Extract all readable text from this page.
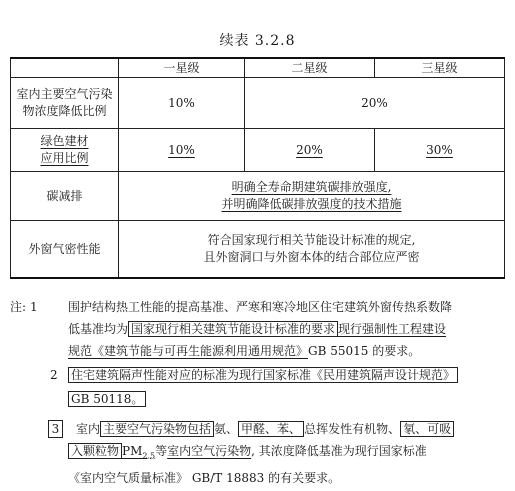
续表 3.2.8
	一星级	二星级	三星级
室内主要空气污染
物浓度降低比例	10%	20%	
绿色建材
应用比例	10%	20%	30%
碳减排	明确全寿命期建筑碳排放强度,
并明确降低碳排放强度的技术措施		
外窗气密性能	符合国家现行相关节能设计标准的规定,
且外窗洞口与外窗本体的结合部位应严密		
注: 1	围护结构热工性能的提高基准、严寒和寒冷地区住宅建筑外窗传热系数降
低基准均为 国家现行相关建筑节能设计标准的要求 现行强制性工程建设
规范《建筑节能与可再生能源利用通用规范》GB 55015 的要求。
2 住宅建筑隔声性能对应的标准为现行国家标准《民用建筑隔声设计规范》
GB 50118。
3	室内 主要空气污染物包括 氨、 甲醛、苯、 总挥发性有机物、 氡、可吸
入颗粒物 $PM_{2.5}$等室内空气污染物, 其浓度降低基准为现行国家标准
《室内空气质量标准》 GB/T 18883 的有关要求。
